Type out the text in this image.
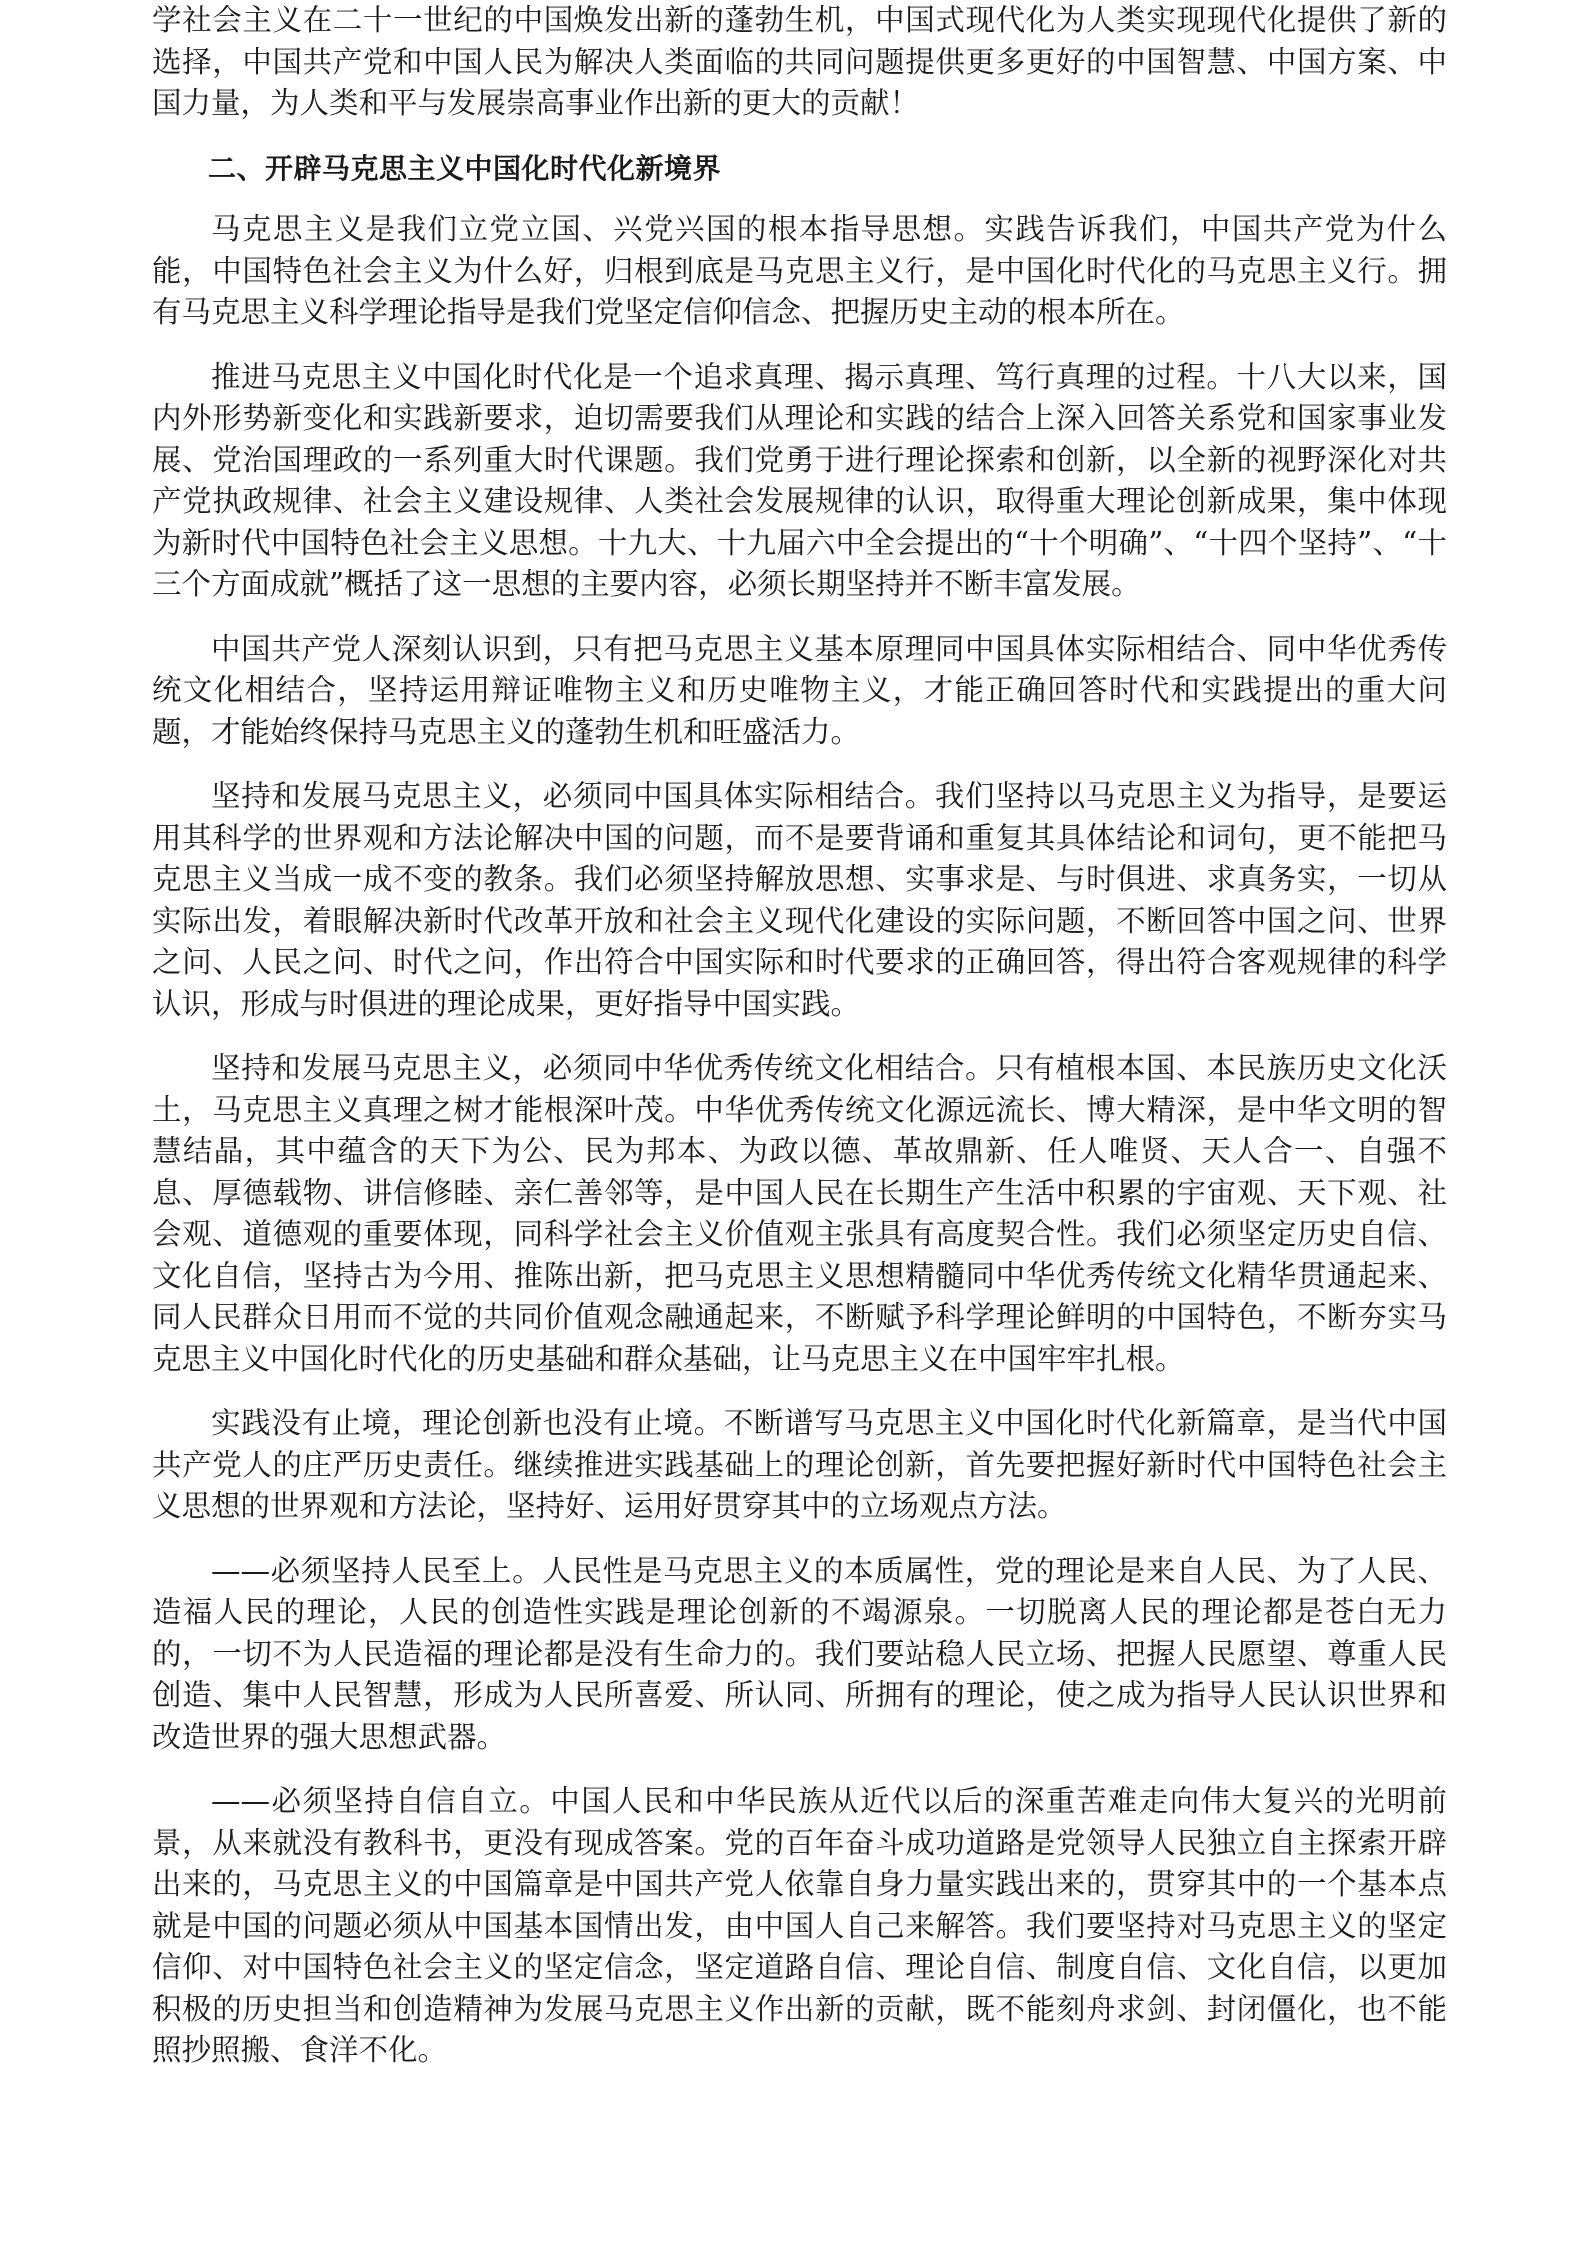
学社会主义在二十一世纪的中国焕发出新的蓬勃生机，中国式现代化为人类实现现代化提供了新的选择，中国共产党和中国人民为解决人类面临的共同问题提供更多更好的中国智慧、中国方案、中国力量，为人类和平与发展崇高事业作出新的更大的贡献！

二、开辟马克思主义中国化时代化新境界

马克思主义是我们立党立国、兴党兴国的根本指导思想。实践告诉我们，中国共产党为什么能，中国特色社会主义为什么好，归根到底是马克思主义行，是中国化时代化的马克思主义行。拥有马克思主义科学理论指导是我们党坚定信仰信念、把握历史主动的根本所在。

推进马克思主义中国化时代化是一个追求真理、揭示真理、笃行真理的过程。十八大以来，国内外形势新变化和实践新要求，迫切需要我们从理论和实践的结合上深入回答关系党和国家事业发展、党治国理政的一系列重大时代课题。我们党勇于进行理论探索和创新，以全新的视野深化对共产党执政规律、社会主义建设规律、人类社会发展规律的认识，取得重大理论创新成果，集中体现为新时代中国特色社会主义思想。十九大、十九届六中全会提出的“十个明确”、“十四个坚持”、“十三个方面成就”概括了这一思想的主要内容，必须长期坚持并不断丰富发展。

中国共产党人深刻认识到，只有把马克思主义基本原理同中国具体实际相结合、同中华优秀传统文化相结合，坚持运用辩证唯物主义和历史唯物主义，才能正确回答时代和实践提出的重大问题，才能始终保持马克思主义的蓬勃生机和旺盛活力。

坚持和发展马克思主义，必须同中国具体实际相结合。我们坚持以马克思主义为指导，是要运用其科学的世界观和方法论解决中国的问题，而不是要背诵和重复其具体结论和词句，更不能把马克思主义当成一成不变的教条。我们必须坚持解放思想、实事求是、与时俱进、求真务实，一切从实际出发，着眼解决新时代改革开放和社会主义现代化建设的实际问题，不断回答中国之问、世界之问、人民之问、时代之问，作出符合中国实际和时代要求的正确回答，得出符合客观规律的科学认识，形成与时俱进的理论成果，更好指导中国实践。

坚持和发展马克思主义，必须同中华优秀传统文化相结合。只有植根本国、本民族历史文化沃土，马克思主义真理之树才能根深叶茂。中华优秀传统文化源远流长、博大精深，是中华文明的智慧结晶，其中蕴含的天下为公、民为邦本、为政以德、革故鼎新、任人唯贤、天人合一、自强不息、厚德载物、讲信修睦、亲仁善邻等，是中国人民在长期生产生活中积累的宇宙观、天下观、社会观、道德观的重要体现，同科学社会主义价值观主张具有高度契合性。我们必须坚定历史自信、文化自信，坚持古为今用、推陈出新，把马克思主义思想精髓同中华优秀传统文化精华贯通起来、同人民群众日用而不觉的共同价值观念融通起来，不断赋予科学理论鲜明的中国特色，不断夯实马克思主义中国化时代化的历史基础和群众基础，让马克思主义在中国牢牢扎根。

实践没有止境，理论创新也没有止境。不断谱写马克思主义中国化时代化新篇章，是当代中国共产党人的庄严历史责任。继续推进实践基础上的理论创新，首先要把握好新时代中国特色社会主义思想的世界观和方法论，坚持好、运用好贯穿其中的立场观点方法。

——必须坚持人民至上。人民性是马克思主义的本质属性，党的理论是来自人民、为了人民、造福人民的理论，人民的创造性实践是理论创新的不竭源泉。一切脱离人民的理论都是苍白无力的，一切不为人民造福的理论都是没有生命力的。我们要站稳人民立场、把握人民愿望、尊重人民创造、集中人民智慧，形成为人民所喜爱、所认同、所拥有的理论，使之成为指导人民认识世界和改造世界的强大思想武器。

——必须坚持自信自立。中国人民和中华民族从近代以后的深重苦难走向伟大复兴的光明前景，从来就没有教科书，更没有现成答案。党的百年奋斗成功道路是党领导人民独立自主探索开辟出来的，马克思主义的中国篇章是中国共产党人依靠自身力量实践出来的，贯穿其中的一个基本点就是中国的问题必须从中国基本国情出发，由中国人自己来解答。我们要坚持对马克思主义的坚定信仰、对中国特色社会主义的坚定信念，坚定道路自信、理论自信、制度自信、文化自信，以更加积极的历史担当和创造精神为发展马克思主义作出新的贡献，既不能刻舟求剑、封闭僵化，也不能照抄照搬、食洋不化。
